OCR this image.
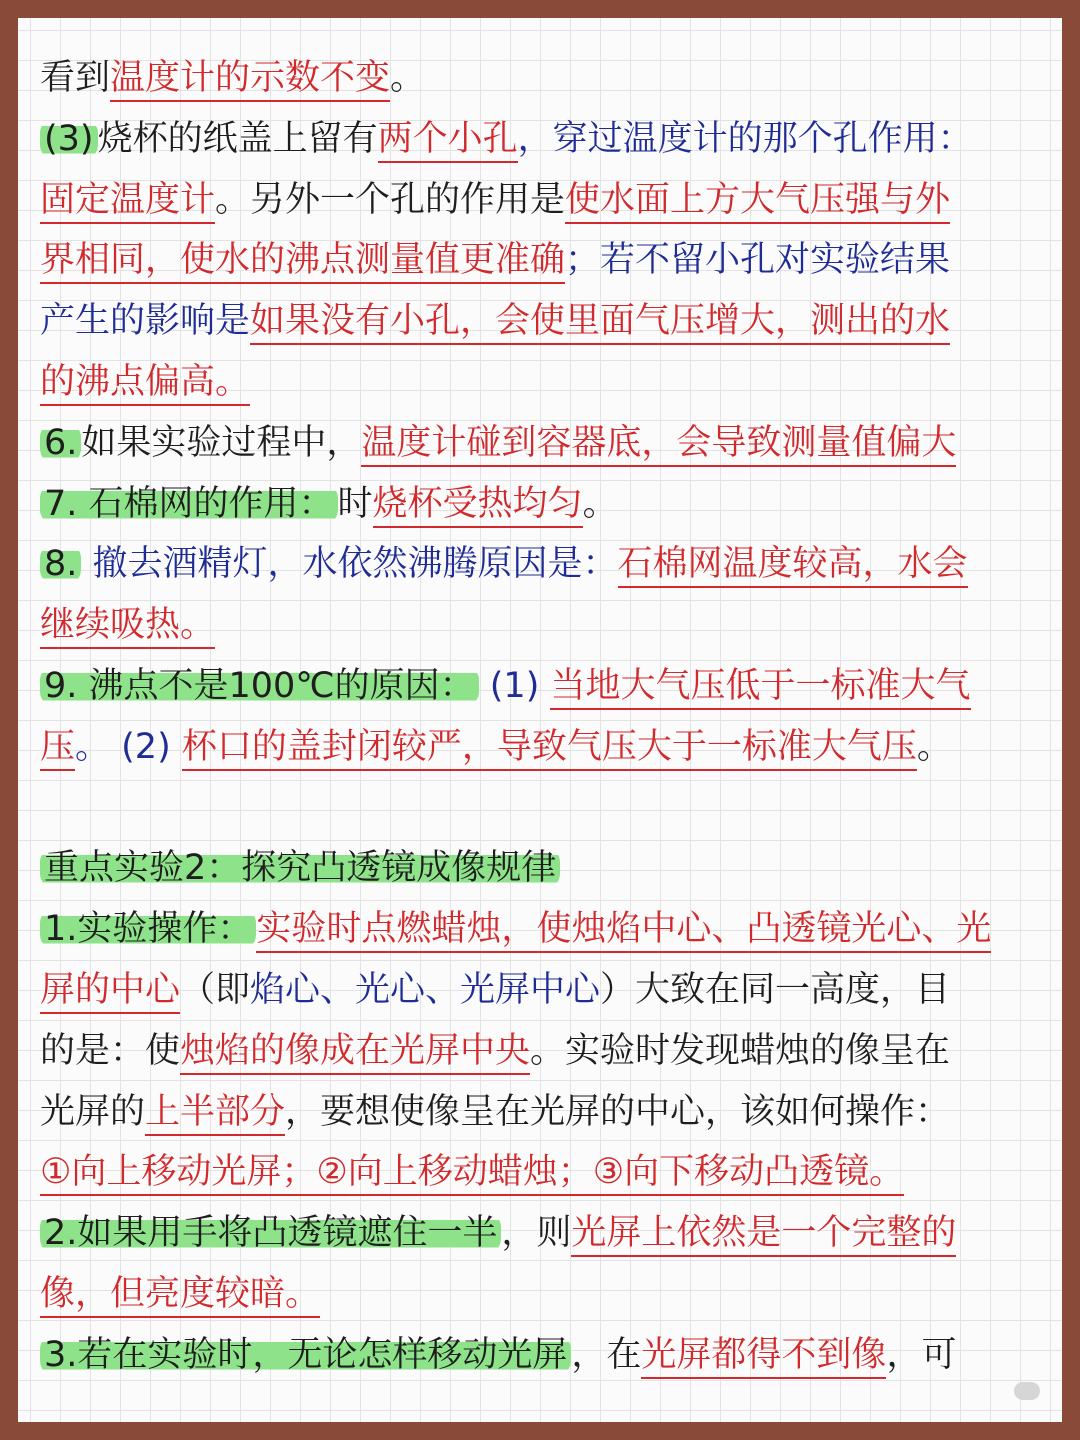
看到温度计的示数不变。
(3) 烧杯的纸盖上留有两个小孔，穿过温度计的那个孔作用：
固定温度计。另外一个孔的作用是使水面上方大气压强与外
界相同，使水的沸点测量值更准确；若不留小孔对实验结果
产生的影响是如果没有小孔，会使里面气压增大，测出的水
的沸点偏高。
6. 如果实验过程中，温度计碰到容器底，会导致测量值偏大
7. 石棉网的作用： 时烧杯受热均匀。
8. 撤去酒精灯，水依然沸腾原因是：石棉网温度较高，水会
继续吸热。
9. 沸点不是100℃的原因： (1) 当地大气压低于一标准大气
压。 (2) 杯口的盖封闭较严，导致气压大于一标准大气压。
重点实验2：探究凸透镜成像规律
1.实验操作： 实验时点燃蜡烛，使烛焰中心、凸透镜光心、光
屏的中心（即焰心、光心、光屏中心）大致在同一高度，目
的是：使烛焰的像成在光屏中央。实验时发现蜡烛的像呈在
光屏的上半部分，要想使像呈在光屏的中心，该如何操作：
①向上移动光屏；②向上移动蜡烛；③向下移动凸透镜。
2.如果用手将凸透镜遮住一半 ，则光屏上依然是一个完整的
像，但亮度较暗。
3.若在实验时，无论怎样移动光屏 ，在光屏都得不到像，可
